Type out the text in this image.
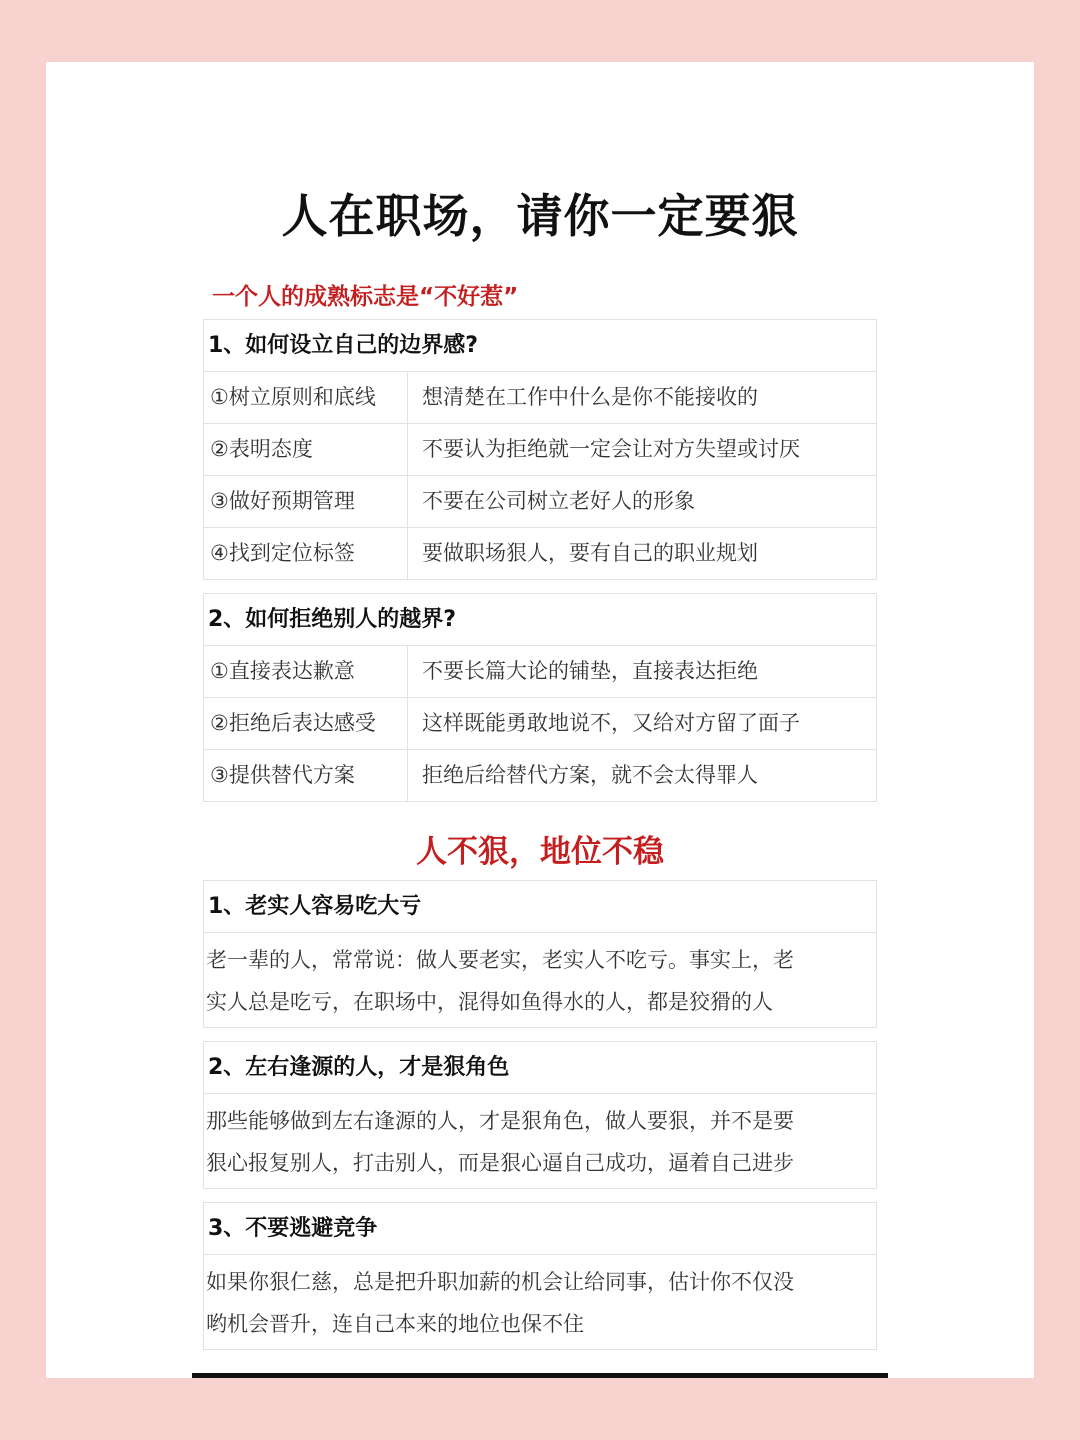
人在职场，请你一定要狠
一个人的成熟标志是“不好惹”
1、如何设立自己的边界感?
①树立原则和底线	想清楚在工作中什么是你不能接收的
②表明态度	不要认为拒绝就一定会让对方失望或讨厌
③做好预期管理	不要在公司树立老好人的形象
④找到定位标签	要做职场狠人，要有自己的职业规划
2、如何拒绝别人的越界?
①直接表达歉意	不要长篇大论的铺垫，直接表达拒绝
②拒绝后表达感受	这样既能勇敢地说不，又给对方留了面子
③提供替代方案	拒绝后给替代方案，就不会太得罪人
人不狠，地位不稳
1、老实人容易吃大亏
老一辈的人，常常说：做人要老实，老实人不吃亏。事实上，老
实人总是吃亏，在职场中，混得如鱼得水的人，都是狡猾的人
2、左右逢源的人，才是狠角色
那些能够做到左右逢源的人，才是狠角色，做人要狠，并不是要
狠心报复别人，打击别人，而是狠心逼自己成功，逼着自己进步
3、不要逃避竞争
如果你狠仁慈，总是把升职加薪的机会让给同事，估计你不仅没
哟机会晋升，连自己本来的地位也保不住
